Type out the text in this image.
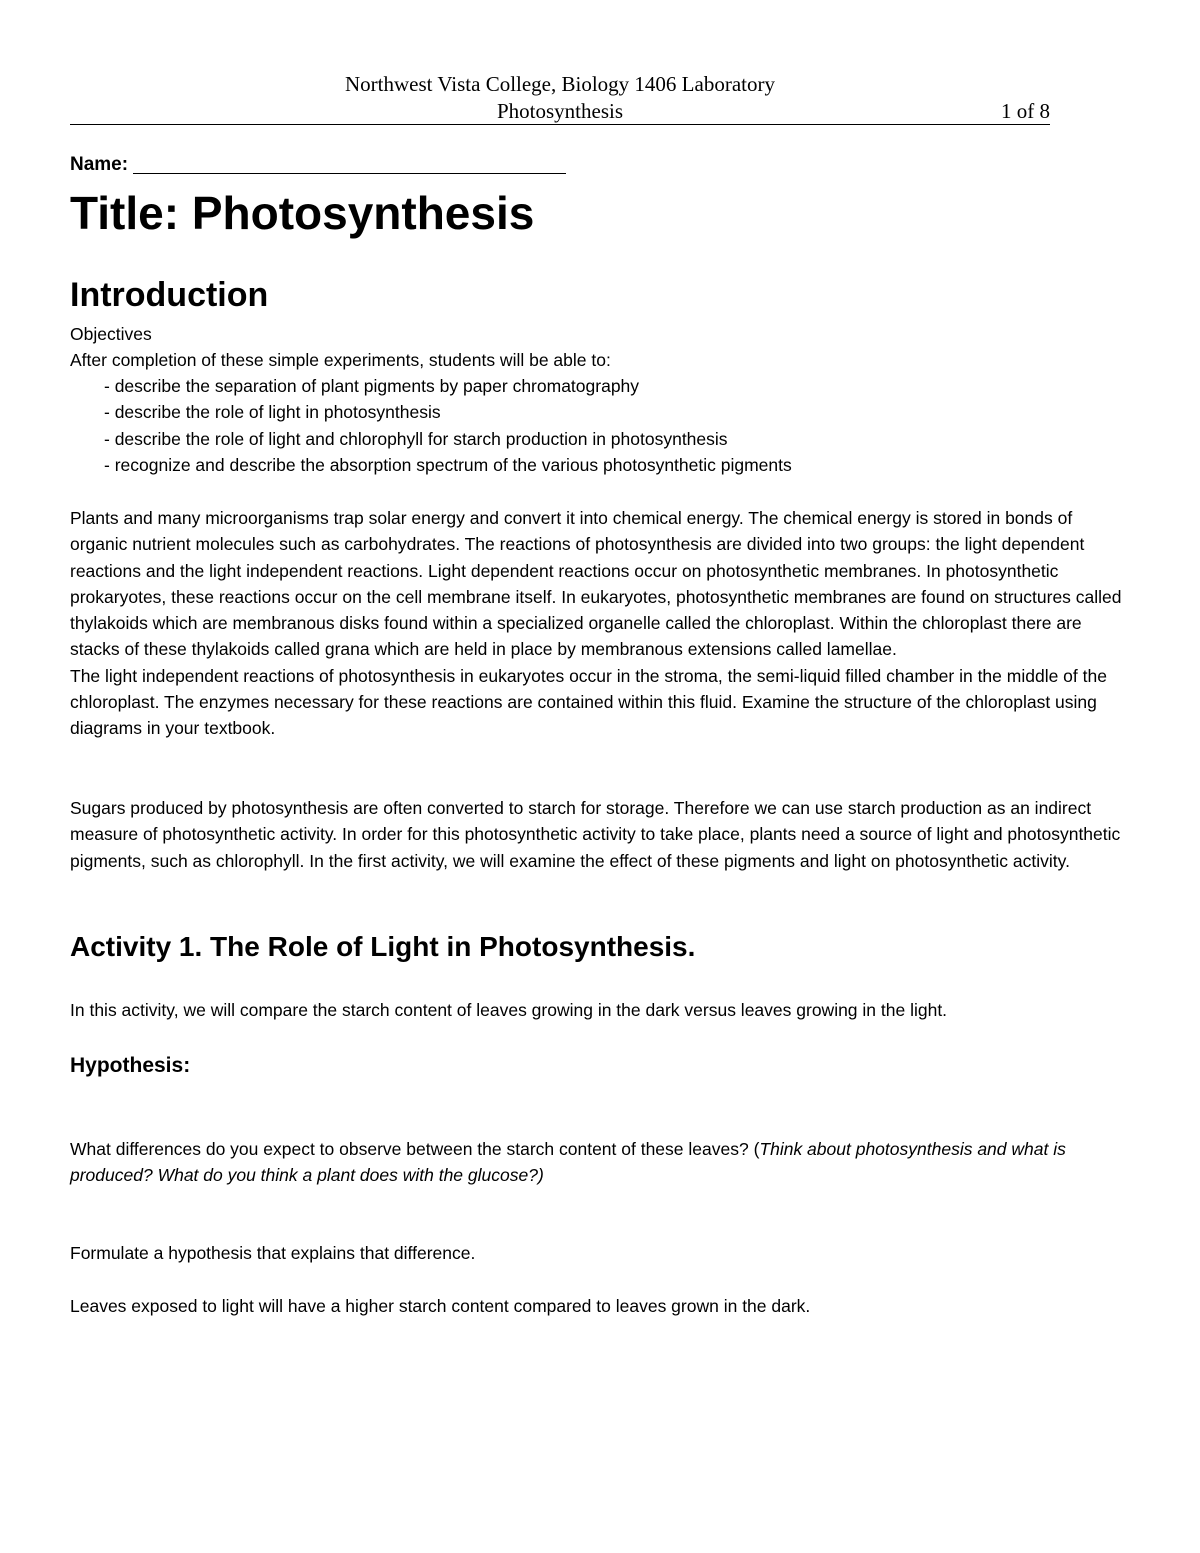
Northwest Vista College, Biology 1406 Laboratory
Photosynthesis	1 of 8
Name:
Title: Photosynthesis
Introduction
Objectives
After completion of these simple experiments, students will be able to:
- describe the separation of plant pigments by paper chromatography
- describe the role of light in photosynthesis
- describe the role of light and chlorophyll for starch production in photosynthesis
- recognize and describe the absorption spectrum of the various photosynthetic pigments
Plants and many microorganisms trap solar energy and convert it into chemical energy. The chemical energy is stored in bonds of organic nutrient molecules such as carbohydrates. The reactions of photosynthesis are divided into two groups: the light dependent reactions and the light independent reactions. Light dependent reactions occur on photosynthetic membranes. In photosynthetic prokaryotes, these reactions occur on the cell membrane itself. In eukaryotes, photosynthetic membranes are found on structures called thylakoids which are membranous disks found within a specialized organelle called the chloroplast. Within the chloroplast there are stacks of these thylakoids called grana which are held in place by membranous extensions called lamellae.
The light independent reactions of photosynthesis in eukaryotes occur in the stroma, the semi-liquid filled chamber in the middle of the chloroplast. The enzymes necessary for these reactions are contained within this fluid. Examine the structure of the chloroplast using diagrams in your textbook.
Sugars produced by photosynthesis are often converted to starch for storage. Therefore we can use starch production as an indirect measure of photosynthetic activity. In order for this photosynthetic activity to take place, plants need a source of light and photosynthetic pigments, such as chlorophyll. In the first activity, we will examine the effect of these pigments and light on photosynthetic activity.
Activity 1. The Role of Light in Photosynthesis.
In this activity, we will compare the starch content of leaves growing in the dark versus leaves growing in the light.
Hypothesis:
What differences do you expect to observe between the starch content of these leaves? (Think about photosynthesis and what is produced? What do you think a plant does with the glucose?)
Formulate a hypothesis that explains that difference.
Leaves exposed to light will have a higher starch content compared to leaves grown in the dark.
